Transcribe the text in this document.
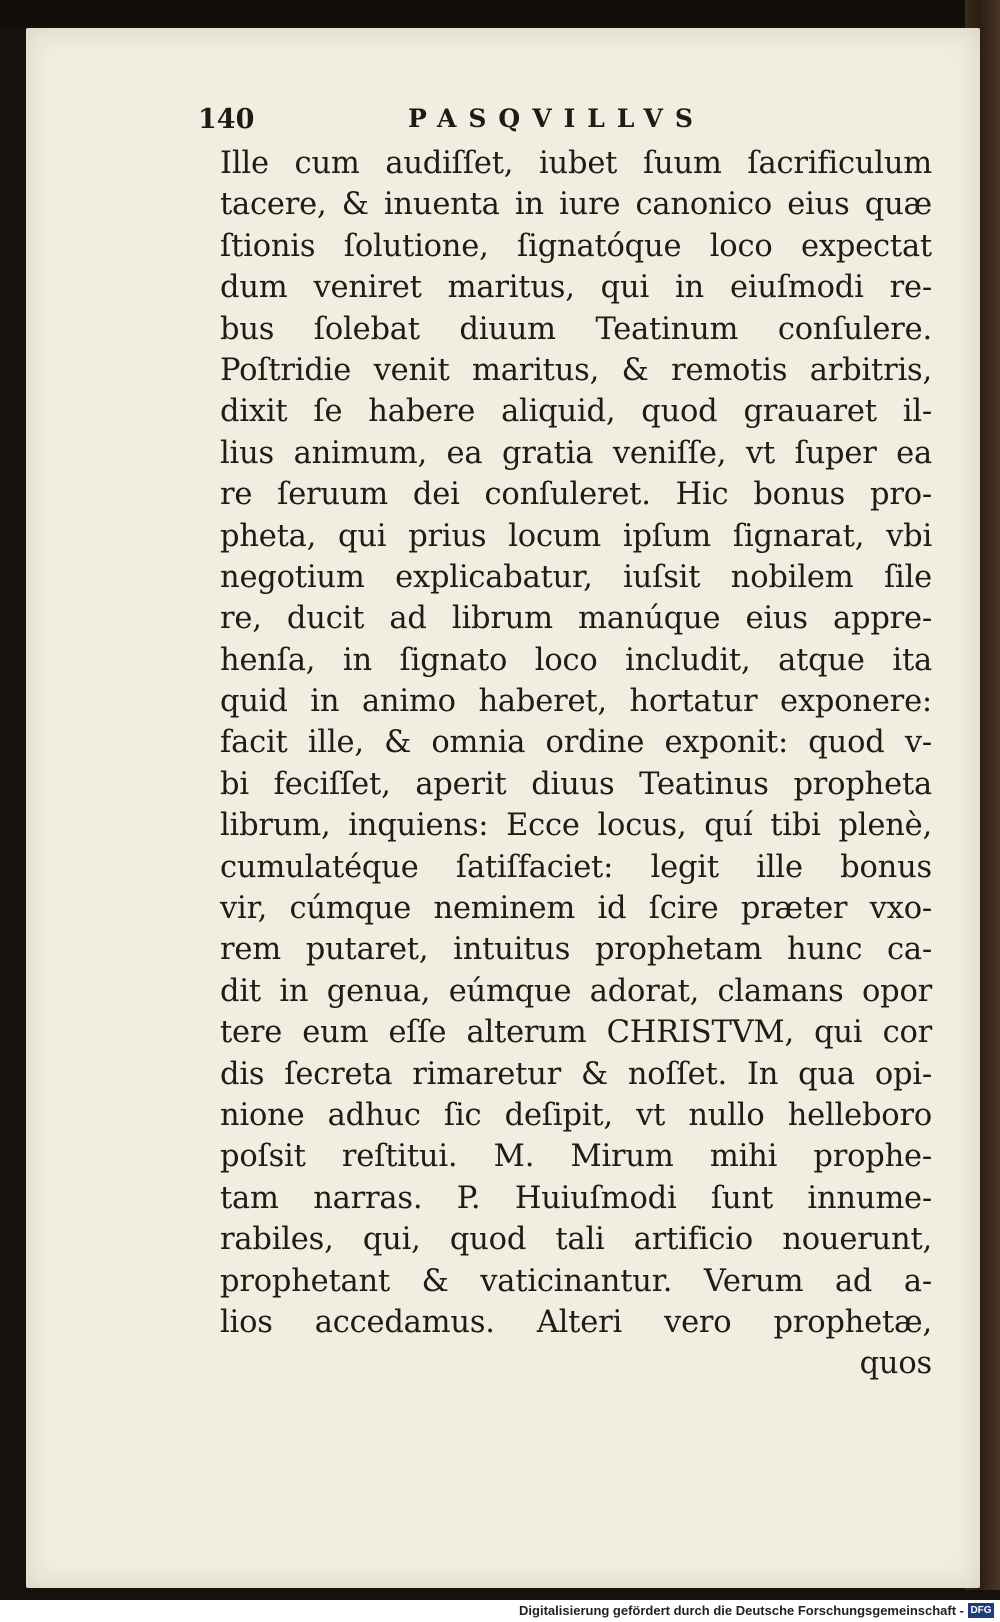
140	PASQVILLVS
Ille cum audiſſet, iubet ſuum ſacrificulum
tacere, & inuenta in iure canonico eius quæ
ſtionis ſolutione, ſignatóque loco expectat
dum veniret maritus, qui in eiuſmodi re-
bus ſolebat diuum Teatinum conſulere.
Poſtridie venit maritus, & remotis arbitris,
dixit ſe habere aliquid, quod grauaret il-
lius animum, ea gratia veniſſe, vt ſuper ea
re ſeruum dei conſuleret. Hic bonus pro-
pheta, qui prius locum ipſum ſignarat, vbi
negotium explicabatur, iuſsit nobilem ſile
re, ducit ad librum manúque eius appre-
henſa, in ſignato loco includit, atque ita
quid in animo haberet, hortatur exponere:
facit ille, & omnia ordine exponit: quod v-
bi feciſſet, aperit diuus Teatinus propheta
librum, inquiens: Ecce locus, quí tibi plenè,
cumulatéque ſatiſfaciet: legit ille bonus
vir, cúmque neminem id ſcire præter vxo-
rem putaret, intuitus prophetam hunc ca-
dit in genua, eúmque adorat, clamans opor
tere eum eſſe alterum CHRISTVM, qui cor
dis ſecreta rimaretur & noſſet. In qua opi-
nione adhuc ſic deſipit, vt nullo helleboro
poſsit reſtitui. M. Mirum mihi prophe-
tam narras. P. Huiuſmodi ſunt innume-
rabiles, qui, quod tali artificio nouerunt,
prophetant & vaticinantur. Verum ad a-
lios accedamus. Alteri vero prophetæ,
quos
Digitalisierung gefördert durch die Deutsche Forschungsgemeinschaft - DFG
